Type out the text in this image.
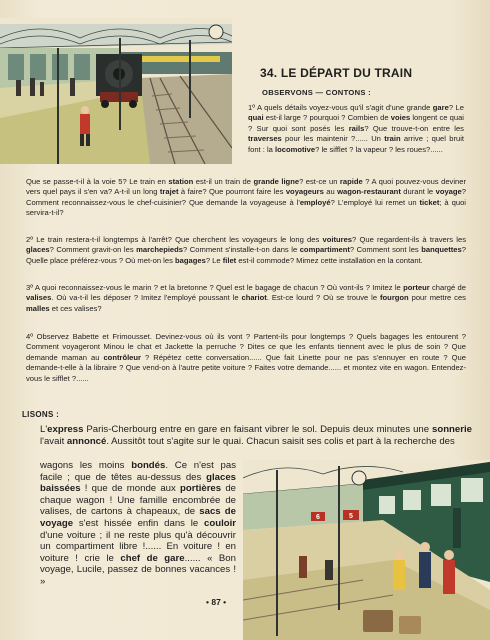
34. LE DÉPART DU TRAIN
OBSERVONS — CONTONS :

1º A quels détails voyez-vous qu'il s'agit d'une grande gare? Le quai est-il large ? pourquoi ? Combien de voies longent ce quai ? Sur quoi sont posés les rails? Que trouve-t-on entre les traverses pour les maintenir ?...... Un train arrive ; quel bruit font : la locomotive? le sifflet ? la vapeur ? les roues?......

Que se passe-t-il à la voie 5? Le train en station est-il un train de grande ligne? est-ce un rapide ? A quoi pouvez-vous deviner vers quel pays il s'en va? A-t-il un long trajet à faire? Que pourront faire les voyageurs au wagon-restaurant durant le voyage? Comment reconnaissez-vous le chef-cuisinier? Que demande la voyageuse à l'employé? L'employé lui remet un ticket; à quoi servira-t-il?

2º Le train restera-t-il longtemps à l'arrêt? Que cherchent les voyageurs le long des voitures? Que regardent-ils à travers les glaces? Comment gravit-on les marchepieds? Comment s'installe-t-on dans le compartiment? Comment sont les banquettes? Quelle place préférez-vous ? Où met-on les bagages? Le filet est-il commode? Mimez cette installation en la contant.

3º A quoi reconnaissez-vous le marin ? et la bretonne ? Quel est le bagage de chacun ? Où vont-ils ? Imitez le porteur chargé de valises. Où va-t-il les déposer ? Imitez l'employé poussant le chariot. Est-ce lourd ? Où se trouve le fourgon pour mettre ces malles et ces valises?

4º Observez Babette et Frimousset. Devinez-vous où ils vont ? Partent-ils pour longtemps ? Quels bagages les entourent ? Comment voyageront Minou le chat et Jackette la perruche ? Dites ce que les enfants tiennent avec le plus de soin ? Que demande maman au contrôleur ? Répétez cette conversation...... Que fait Linette pour ne pas s'ennuyer en route ? Que demande-t-elle à la libraire ? Que vend-on à l'autre petite voiture ? Faites votre demande...... et montez vite en wagon. Entendez-vous le sifflet ?......

LISONS :

L'express Paris-Cherbourg entre en gare en faisant vibrer le sol. Depuis deux minutes une sonnerie l'avait annoncé. Aussitôt tout s'agite sur le quai. Chacun saisit ses colis et part à la recherche des

wagons les moins bondés. Ce n'est pas facile ; que de têtes au-dessus des glaces baissées ! que de monde aux portières de chaque wagon ! Une famille encombrée de valises, de cartons à chapeaux, de sacs de voyage s'est hissée enfin dans le couloir d'une voiture ; il ne reste plus qu'à découvrir un compartiment libre !...... En voiture ! en voiture ! crie le chef de gare...... « Bon voyage, Lucile, passez de bonnes vacances ! »

6	5
• 87 •
